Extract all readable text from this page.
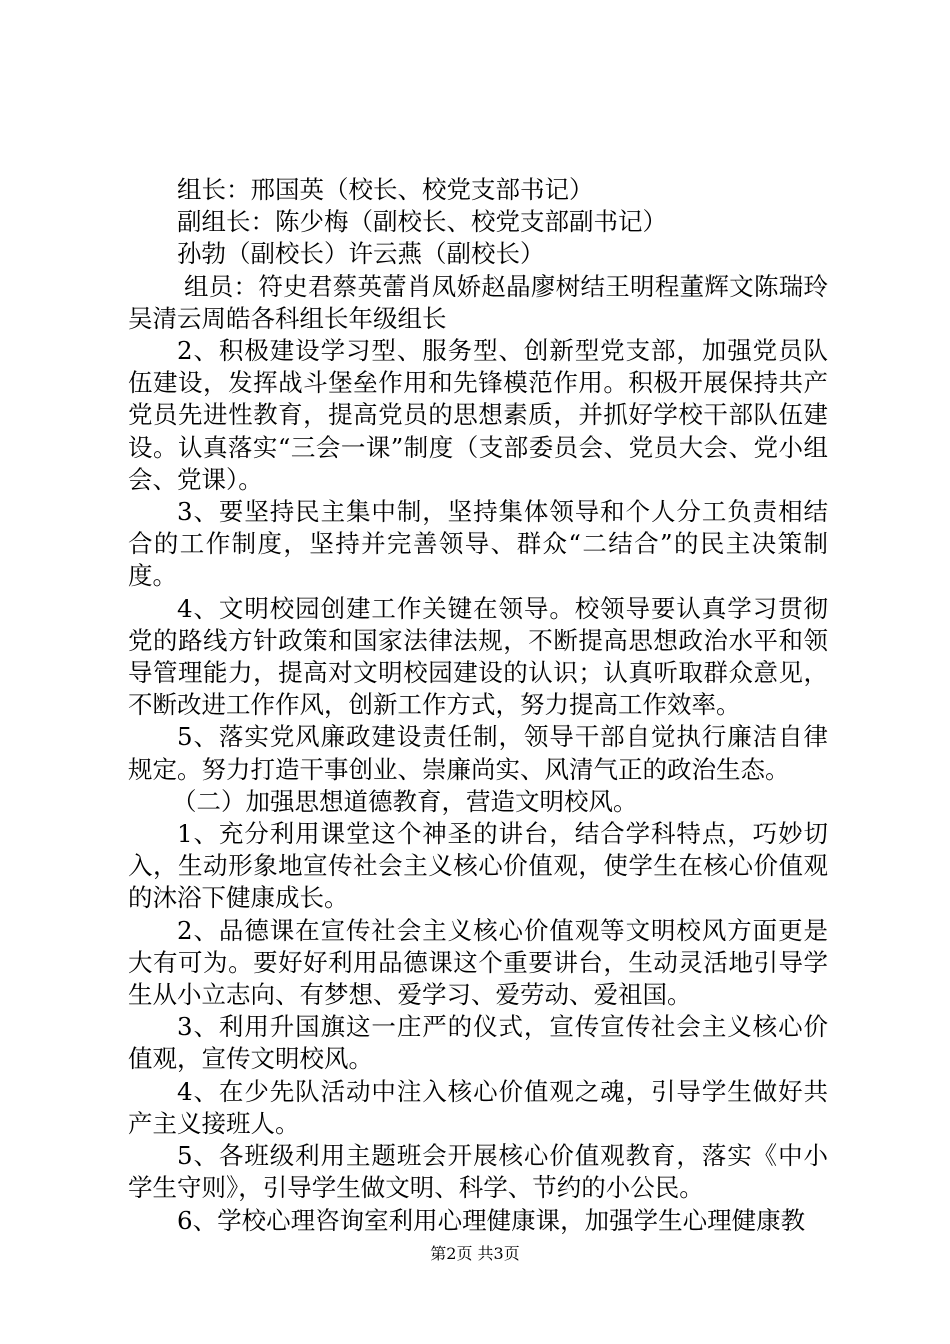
组长：邢国英（校长、校党支部书记）

副组长：陈少梅（副校长、校党支部副书记）

孙勃（副校长）许云燕（副校长）

组员：符史君蔡英蕾肖凤娇赵晶廖树结王明程董辉文陈瑞玲吴清云周皓各科组长年级组长

2、积极建设学习型、服务型、创新型党支部，加强党员队伍建设，发挥战斗堡垒作用和先锋模范作用。积极开展保持共产党员先进性教育，提高党员的思想素质，并抓好学校干部队伍建设。认真落实“三会一课”制度（支部委员会、党员大会、党小组会、党课）。

3、要坚持民主集中制，坚持集体领导和个人分工负责相结合的工作制度，坚持并完善领导、群众“二结合”的民主决策制度。

4、文明校园创建工作关键在领导。校领导要认真学习贯彻党的路线方针政策和国家法律法规，不断提高思想政治水平和领导管理能力，提高对文明校园建设的认识；认真听取群众意见，不断改进工作作风，创新工作方式，努力提高工作效率。

5、落实党风廉政建设责任制，领导干部自觉执行廉洁自律规定。努力打造干事创业、崇廉尚实、风清气正的政治生态。

（二）加强思想道德教育，营造文明校风。

1、充分利用课堂这个神圣的讲台，结合学科特点，巧妙切入，生动形象地宣传社会主义核心价值观，使学生在核心价值观的沐浴下健康成长。

2、品德课在宣传社会主义核心价值观等文明校风方面更是大有可为。要好好利用品德课这个重要讲台，生动灵活地引导学生从小立志向、有梦想、爱学习、爱劳动、爱祖国。

3、利用升国旗这一庄严的仪式，宣传宣传社会主义核心价值观，宣传文明校风。

4、在少先队活动中注入核心价值观之魂，引导学生做好共产主义接班人。

5、各班级利用主题班会开展核心价值观教育，落实《中小学生守则》，引导学生做文明、科学、节约的小公民。

6、学校心理咨询室利用心理健康课，加强学生心理健康教

第2页 共3页
